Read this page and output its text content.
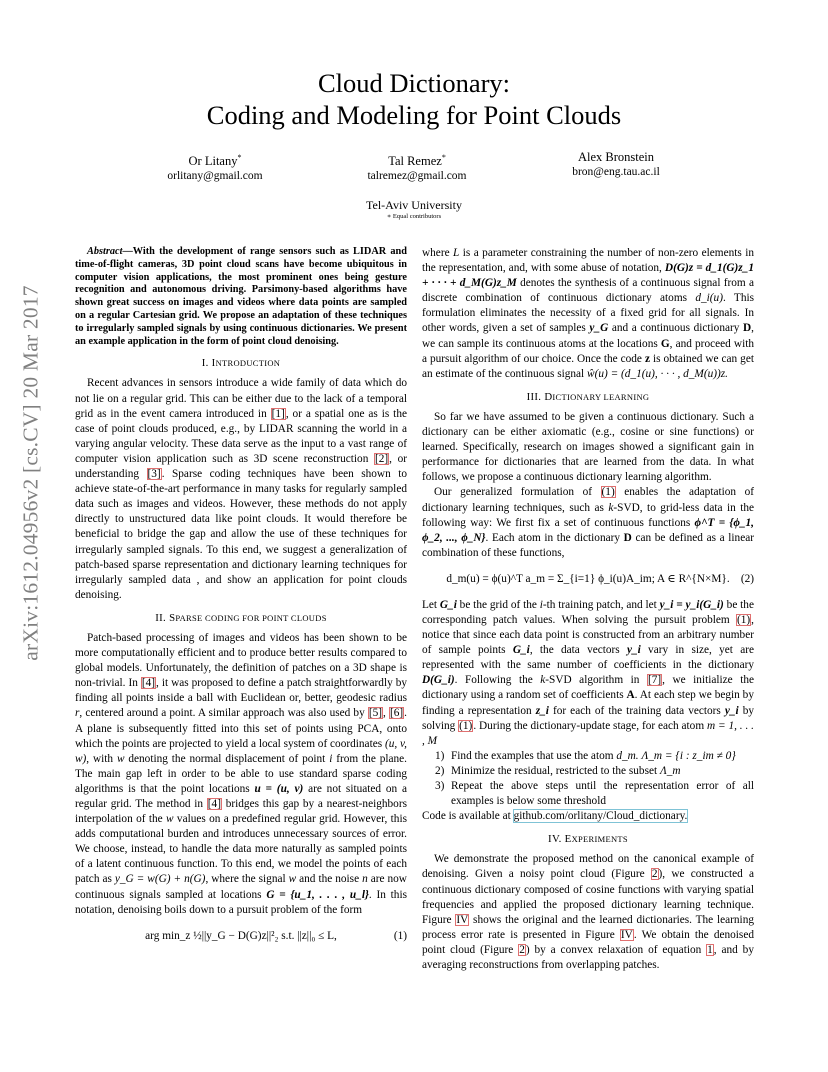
arXiv:1612.04956v2 [cs.CV] 20 Mar 2017
Cloud Dictionary:
Coding and Modeling for Point Clouds
Or Litany*
orlitany@gmail.com
Tal Remez*
talremez@gmail.com
Alex Bronstein
bron@eng.tau.ac.il
Tel-Aviv University
∗ Equal contributors

Abstract—With the development of range sensors such as LIDAR and time-of-flight cameras, 3D point cloud scans have become ubiquitous in computer vision applications, the most prominent ones being gesture recognition and autonomous driving. Parsimony-based algorithms have shown great success on images and videos where data points are sampled on a regular Cartesian grid. We propose an adaptation of these techniques to irregularly sampled signals by using continuous dictionaries. We present an example application in the form of point cloud denoising.

I. INTRODUCTION

Recent advances in sensors introduce a wide family of data which do not lie on a regular grid. This can be either due to the lack of a temporal grid as in the event camera introduced in [1], or a spatial one as is the case of point clouds produced, e.g., by LIDAR scanning the world in a varying angular velocity. These data serve as the input to a vast range of computer vision application such as 3D scene reconstruction [2], or understanding [3]. Sparse coding techniques have been shown to achieve state-of-the-art performance in many tasks for regularly sampled data such as images and videos. However, these methods do not apply directly to unstructured data like point clouds. It would therefore be beneficial to bridge the gap and allow the use of these techniques for irregularly sampled signals. To this end, we suggest a generalization of patch-based sparse representation and dictionary learning techniques for irregularly sampled data , and show an application for point clouds denoising.

II. SPARSE CODING FOR POINT CLOUDS

Patch-based processing of images and videos has been shown to be more computationally efficient and to produce better results compared to global models. Unfortunately, the definition of patches on a 3D shape is non-trivial. In [4], it was proposed to define a patch straightforwardly by finding all points inside a ball with Euclidean or, better, geodesic radius r, centered around a point. A similar approach was also used by [5], [6]. A plane is subsequently fitted into this set of points using PCA, onto which the points are projected to yield a local system of coordinates (u, v, w), with w denoting the normal displacement of point i from the plane. The main gap left in order to be able to use standard sparse coding algorithms is that the point locations u = (u, v) are not situated on a regular grid. The method in [4] bridges this gap by a nearest-neighbors interpolation of the w values on a predefined regular grid. However, this adds computational burden and introduces unnecessary sources of error. We choose, instead, to handle the data more naturally as sampled points of a latent continuous function. To this end, we model the points of each patch as y_G = w(G) + n(G), where the signal w and the noise n are now continuous signals sampled at locations G = {u_1, . . . , u_l}. In this notation, denoising boils down to a pursuit problem of the form

arg min_z ½||y_G − D(G)z||²₂ s.t. ||z||₀ ≤ L,	(1)

where L is a parameter constraining the number of non-zero elements in the representation, and, with some abuse of notation, D(G)z = d_1(G)z_1 + · · · + d_M(G)z_M denotes the synthesis of a continuous signal from a discrete combination of continuous dictionary atoms d_i(u). This formulation eliminates the necessity of a fixed grid for all signals. In other words, given a set of samples y_G and a continuous dictionary D, we can sample its continuous atoms at the locations G, and proceed with a pursuit algorithm of our choice. Once the code z is obtained we can get an estimate of the continuous signal ŵ(u) = (d_1(u), · · · , d_M(u))z.

III. DICTIONARY LEARNING

So far we have assumed to be given a continuous dictionary. Such a dictionary can be either axiomatic (e.g., cosine or sine functions) or learned. Specifically, research on images showed a significant gain in performance for dictionaries that are learned from the data. In what follows, we propose a continuous dictionary learning algorithm.

Our generalized formulation of (1) enables the adaptation of dictionary learning techniques, such as k-SVD, to grid-less data in the following way: We first fix a set of continuous functions ϕ^T = {ϕ_1, ϕ_2, ..., ϕ_N}. Each atom in the dictionary D can be defined as a linear combination of these functions,

d_m(u) = ϕ(u)^T a_m = Σ_{i=1} ϕ_i(u)A_im; A ∈ R^{N×M}. (2)

Let G_i be the grid of the i-th training patch, and let y_i = y_i(G_i) be the corresponding patch values. When solving the pursuit problem (1), notice that since each data point is constructed from an arbitrary number of sample points G_i, the data vectors y_i vary in size, yet are represented with the same number of coefficients in the dictionary D(G_i). Following the k-SVD algorithm in [7], we initialize the dictionary using a random set of coefficients A. At each step we begin by finding a representation z_i for each of the training data vectors y_i by solving (1). During the dictionary-update stage, for each atom m = 1, . . . , M

1) Find the examples that use the atom d_m. Λ_m = {i : z_im ≠ 0}
2) Minimize the residual, restricted to the subset Λ_m
3) Repeat the above steps until the representation error of all examples is below some threshold

Code is available at github.com/orlitany/Cloud_dictionary.

IV. EXPERIMENTS

We demonstrate the proposed method on the canonical example of denoising. Given a noisy point cloud (Figure 2), we constructed a continuous dictionary composed of cosine functions with varying spatial frequencies and applied the proposed dictionary learning technique. Figure IV shows the original and the learned dictionaries. The learning process error rate is presented in Figure IV. We obtain the denoised point cloud (Figure 2) by a convex relaxation of equation 1, and by averaging reconstructions from overlapping patches.
